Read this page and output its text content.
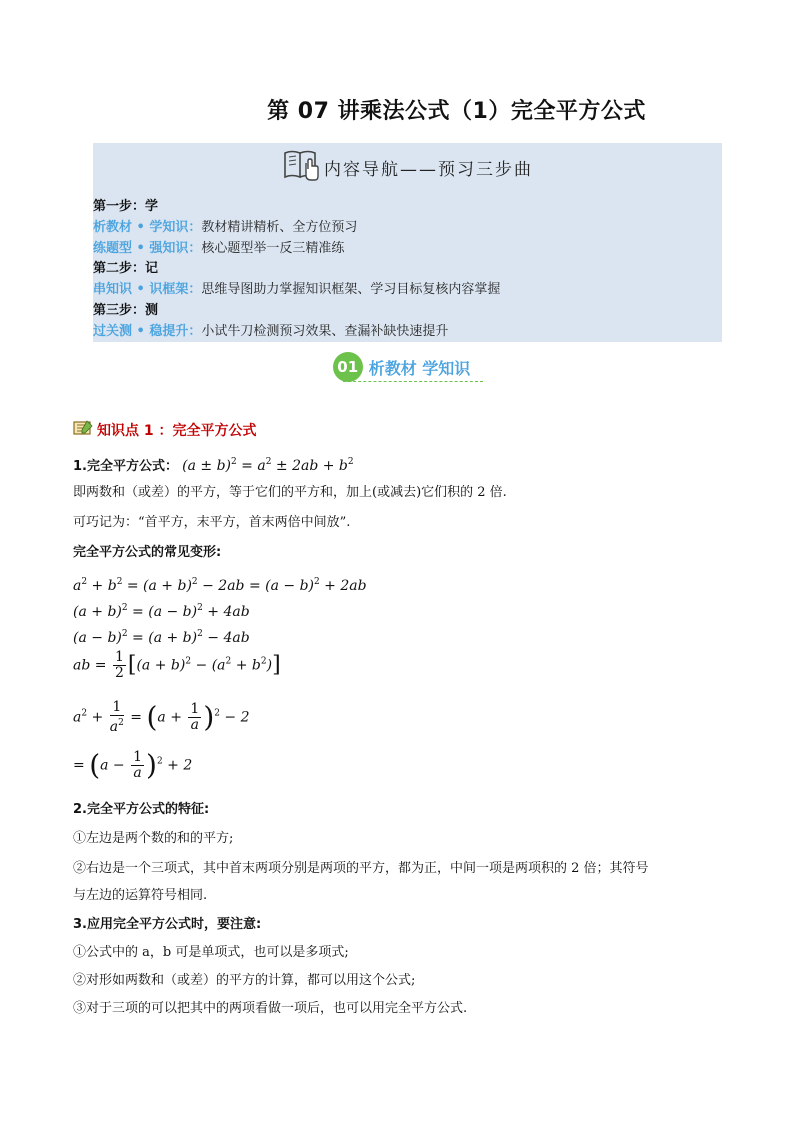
第 07 讲乘法公式（1）完全平方公式
内容导航——预习三步曲
第一步：学
析教材 • 学知识：教材精讲精析、全方位预习
练题型 • 强知识：核心题型举一反三精准练
第二步：记
串知识 • 识框架：思维导图助力掌握知识框架、学习目标复核内容掌握
第三步：测
过关测 • 稳提升：小试牛刀检测预习效果、查漏补缺快速提升
01 析教材 学知识
知识点 1 ：完全平方公式
1.完全平方公式： $(a \pm b)^2 = a^2 \pm 2ab + b^2$
即两数和（或差）的平方，等于它们的平方和，加上(或减去)它们积的 2 倍.
可巧记为：“首平方，末平方，首末两倍中间放”.
完全平方公式的常见变形:
$a^2 + b^2 = (a + b)^2 - 2ab = (a - b)^2 + 2ab$
$(a + b)^2 = (a - b)^2 + 4ab$
$(a - b)^2 = (a + b)^2 - 4ab$
ab = $\frac{1}{2} [(a + b)^2 - (a^2 + b^2)]$
$a^2 + \frac{1}{a^2} = (a + \frac{1}{a} )^2 - 2$
= $(a - \frac{1}{a} )^2 + 2$
2.完全平方公式的特征:
①左边是两个数的和的平方;
②右边是一个三项式，其中首末两项分别是两项的平方，都为正，中间一项是两项积的 2 倍；其符号
与左边的运算符号相同.
3.应用完全平方公式时，要注意:
①公式中的 a，b 可是单项式，也可以是多项式;
②对形如两数和（或差）的平方的计算，都可以用这个公式;
③对于三项的可以把其中的两项看做一项后，也可以用完全平方公式.
